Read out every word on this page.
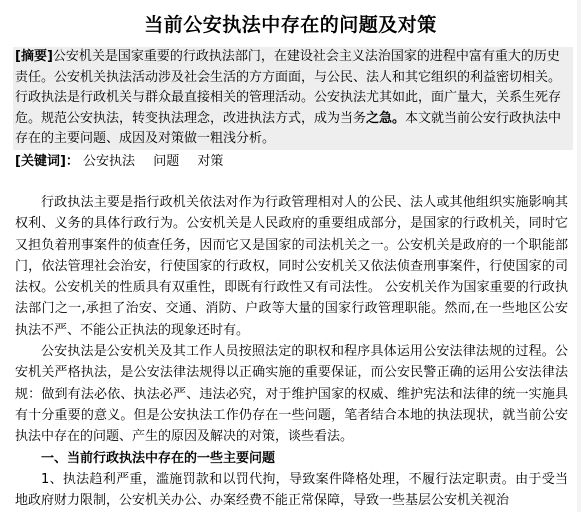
当前公安执法中存在的问题及对策
[摘要]公安机关是国家重要的行政执法部门，在建设社会主义法治国家的进程中富有重大的历史责任。公安机关执法活动涉及社会生活的方方面面，与公民、法人和其它组织的利益密切相关。行政执法是行政机关与群众最直接相关的管理活动。公安执法尤其如此，面广量大，关系生死存危。规范公安执法，转变执法理念，改进执法方式，成为当务之急。本文就当前公安行政执法中存在的主要问题、成因及对策做一粗浅分析。
[关键词]： 公安执法 问题 对策

行政执法主要是指行政机关依法对作为行政管理相对人的公民、法人或其他组织实施影响其权利、义务的具体行政行为。公安机关是人民政府的重要组成部分，是国家的行政机关，同时它又担负着刑事案件的侦查任务，因而它又是国家的司法机关之一。公安机关是政府的一个职能部门，依法管理社会治安，行使国家的行政权，同时公安机关又依法侦查刑事案件，行使国家的司法权。公安机关的性质具有双重性，即既有行政性又有司法性。 公安机关作为国家重要的行政执法部门之一,承担了治安、交通、消防、户政等大量的国家行政管理职能。然而,在一些地区公安执法不严、不能公正执法的现象还时有。

公安执法是公安机关及其工作人员按照法定的职权和程序具体运用公安法律法规的过程。公安机关严格执法，是公安法律法规得以正确实施的重要保证，而公安民警正确的运用公安法律法规：做到有法必依、执法必严、违法必究，对于维护国家的权威、维护宪法和法律的统一实施具有十分重要的意义。但是公安执法工作仍存在一些问题，笔者结合本地的执法现状，就当前公安执法中存在的问题、产生的原因及解决的对策，谈些看法。

一、当前行政执法中存在的一些主要问题

1、执法趋利严重，滥施罚款和以罚代拘，导致案件降格处理，不履行法定职责。由于受当地政府财力限制，公安机关办公、办案经费不能正常保障，导致一些基层公安机关视治
